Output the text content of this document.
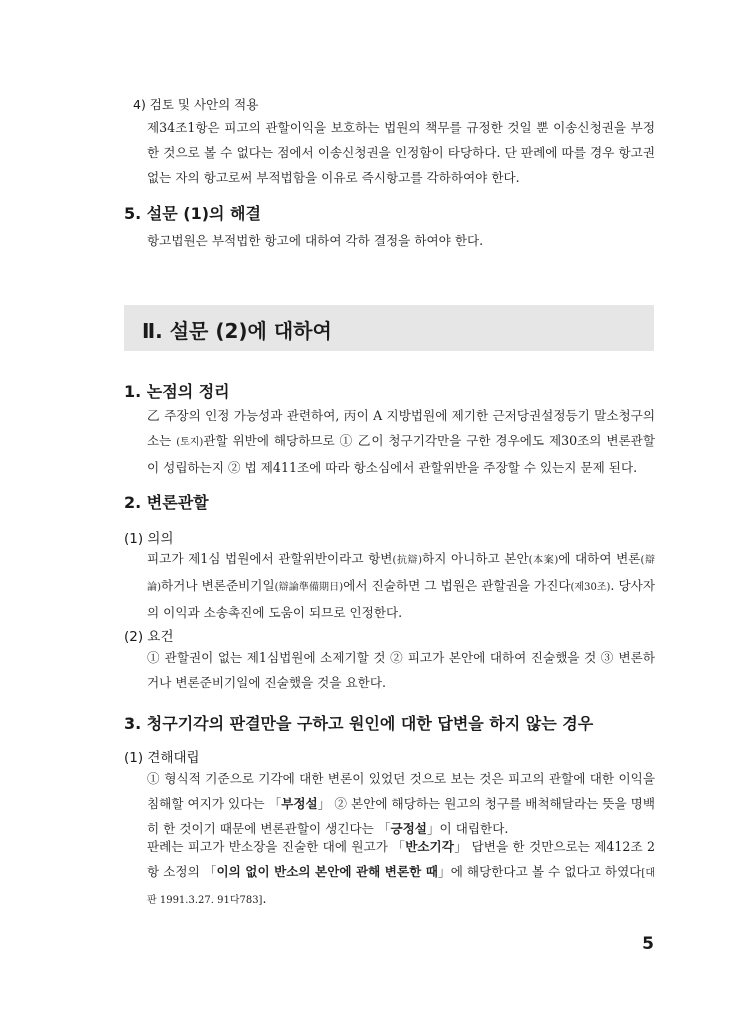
4) 검토 및 사안의 적용
제34조1항은 피고의 관할이익을 보호하는 법원의 책무를 규정한 것일 뿐 이송신청권을 부정한 것으로 볼 수 없다는 점에서 이송신청권을 인정함이 타당하다. 단 판례에 따를 경우 항고권 없는 자의 항고로써 부적법함을 이유로 즉시항고를 각하하여야 한다.
5. 설문 (1)의 해결
항고법원은 부적법한 항고에 대하여 각하 결정을 하여야 한다.
Ⅱ. 설문 (2)에 대하여
1. 논점의 정리
乙 주장의 인정 가능성과 관련하여, 丙이 A 지방법원에 제기한 근저당권설정등기 말소청구의 소는 (토지)관할 위반에 해당하므로 ① 乙이 청구기각만을 구한 경우에도 제30조의 변론관할이 성립하는지 ② 법 제411조에 따라 항소심에서 관할위반을 주장할 수 있는지 문제 된다.
2. 변론관할
(1) 의의
피고가 제1심 법원에서 관할위반이라고 항변(抗辯)하지 아니하고 본안(本案)에 대하여 변론(辯論)하거나 변론준비기일(辯論準備期日)에서 진술하면 그 법원은 관할권을 가진다(제30조). 당사자의 이익과 소송촉진에 도움이 되므로 인정한다.
(2) 요건
① 관할권이 없는 제1심법원에 소제기할 것 ② 피고가 본안에 대하여 진술했을 것 ③ 변론하거나 변론준비기일에 진술했을 것을 요한다.
3. 청구기각의 판결만을 구하고 원인에 대한 답변을 하지 않는 경우
(1) 견해대립
① 형식적 기준으로 기각에 대한 변론이 있었던 것으로 보는 것은 피고의 관할에 대한 이익을 침해할 여지가 있다는 「부정설」 ② 본안에 해당하는 원고의 청구를 배척해달라는 뜻을 명백히 한 것이기 때문에 변론관할이 생긴다는 「긍정설」이 대립한다.
판례는 피고가 반소장을 진술한 대에 원고가 「반소기각」 답변을 한 것만으로는 제412조 2항 소정의 「이의 없이 반소의 본안에 관해 변론한 때」에 해당한다고 볼 수 없다고 하였다[대판 1991.3.27. 91다783].
5
